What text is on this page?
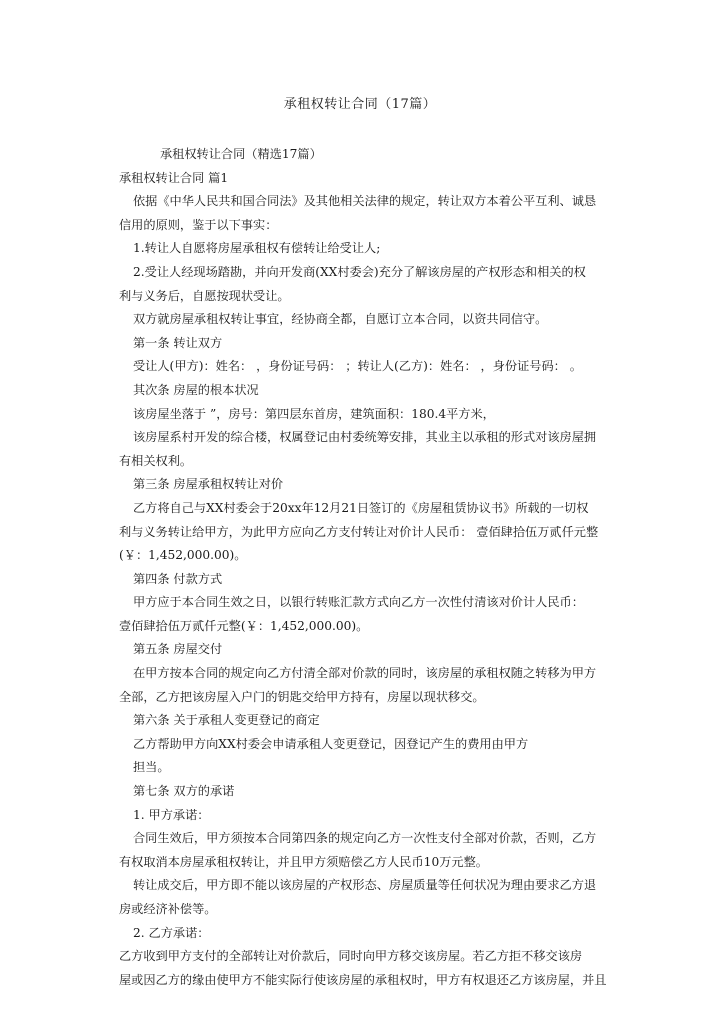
承租权转让合同（17篇）
承租权转让合同（精选17篇）
承租权转让合同 篇1
依据《中华人民共和国合同法》及其他相关法律的规定，转让双方本着公平互利、诚恳
信用的原则，鉴于以下事实：
1.转让人自愿将房屋承租权有偿转让给受让人;
2.受让人经现场踏勘，并向开发商(XX村委会)充分了解该房屋的产权形态和相关的权
利与义务后，自愿按现状受让。
双方就房屋承租权转让事宜，经协商全都，自愿订立本合同，以资共同信守。
第一条 转让双方
受让人(甲方)：姓名： ，身份证号码： ；转让人(乙方)：姓名： ，身份证号码： 。
其次条 房屋的根本状况
该房屋坐落于 ”，房号：第四层东首房，建筑面积：180.4平方米，
该房屋系村开发的综合楼，权属登记由村委统筹安排，其业主以承租的形式对该房屋拥
有相关权利。
第三条 房屋承租权转让对价
乙方将自己与XX村委会于20xx年12月21日签订的《房屋租赁协议书》所载的一切权
利与义务转让给甲方，为此甲方应向乙方支付转让对价计人民币： 壹佰肆拾伍万贰仟元整
(￥：1,452,000.00)。
第四条 付款方式
甲方应于本合同生效之日，以银行转账汇款方式向乙方一次性付清该对价计人民币：
壹佰肆拾伍万贰仟元整(￥：1,452,000.00)。
第五条 房屋交付
在甲方按本合同的规定向乙方付清全部对价款的同时，该房屋的承租权随之转移为甲方
全部，乙方把该房屋入户门的钥匙交给甲方持有，房屋以现状移交。
第六条 关于承租人变更登记的商定
乙方帮助甲方向XX村委会申请承租人变更登记，因登记产生的费用由甲方
担当。
第七条 双方的承诺
1. 甲方承诺：
合同生效后，甲方须按本合同第四条的规定向乙方一次性支付全部对价款，否则，乙方
有权取消本房屋承租权转让，并且甲方须赔偿乙方人民币10万元整。
转让成交后，甲方即不能以该房屋的产权形态、房屋质量等任何状况为理由要求乙方退
房或经济补偿等。
2. 乙方承诺：
乙方收到甲方支付的全部转让对价款后，同时向甲方移交该房屋。若乙方拒不移交该房
屋或因乙方的缘由使甲方不能实际行使该房屋的承租权时，甲方有权退还乙方该房屋，并且
